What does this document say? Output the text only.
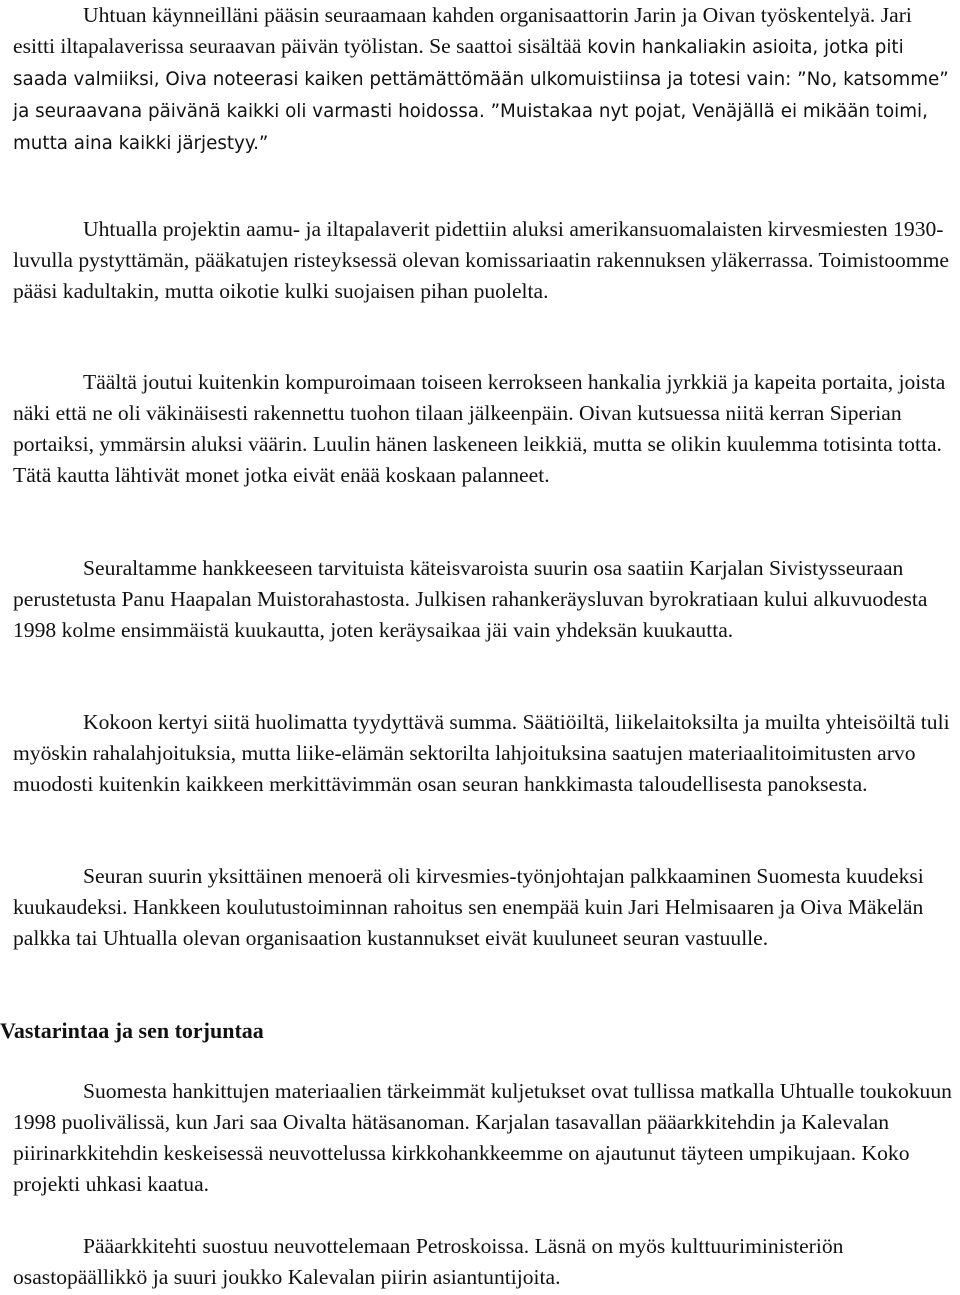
Uhtuan käynneilläni pääsin seuraamaan kahden organisaattorin Jarin ja Oivan työskentelyä. Jari esitti iltapalaverissa seuraavan päivän työlistan. Se saattoi sisältää kovin hankaliakin asioita, jotka piti saada valmiiksi, Oiva noteerasi kaiken pettämättömään ulkomuistiinsa ja totesi vain: ”No, katsomme” ja seuraavana päivänä kaikki oli varmasti hoidossa. ”Muistakaa nyt pojat, Venäjällä ei mikään toimi, mutta aina kaikki järjestyy.”

Uhtualla projektin aamu- ja iltapalaverit pidettiin aluksi amerikansuomalaisten kirvesmiesten 1930-luvulla pystyttämän, pääkatujen risteyksessä olevan komissariaatin rakennuksen yläkerrassa. Toimistoomme pääsi kadultakin, mutta oikotie kulki suojaisen pihan puolelta.

Täältä joutui kuitenkin kompuroimaan toiseen kerrokseen hankalia jyrkkiä ja kapeita portaita, joista näki että ne oli väkinäisesti rakennettu tuohon tilaan jälkeenpäin. Oivan kutsuessa niitä kerran Siperian portaiksi, ymmärsin aluksi väärin. Luulin hänen laskeneen leikkiä, mutta se olikin kuulemma totisinta totta. Tätä kautta lähtivät monet jotka eivät enää koskaan palanneet.

Seuraltamme hankkeeseen tarvituista käteisvaroista suurin osa saatiin Karjalan Sivistysseuraan perustetusta Panu Haapalan Muistorahastosta. Julkisen rahankeräysluvan byrokratiaan kului alkuvuodesta 1998 kolme ensimmäistä kuukautta, joten keräysaikaa jäi vain yhdeksän kuukautta.

Kokoon kertyi siitä huolimatta tyydyttävä summa. Säätiöiltä, liikelaitoksilta ja muilta yhteisöiltä tuli myöskin rahalahjoituksia, mutta liike-elämän sektorilta lahjoituksina saatujen materiaalitoimitusten arvo muodosti kuitenkin kaikkeen merkittävimmän osan seuran hankkimasta taloudellisesta panoksesta.

Seuran suurin yksittäinen menoerä oli kirvesmies-työnjohtajan palkkaaminen Suomesta kuudeksi kuukaudeksi. Hankkeen koulutustoiminnan rahoitus sen enempää kuin Jari Helmisaaren ja Oiva Mäkelän palkka tai Uhtualla olevan organisaation kustannukset eivät kuuluneet seuran vastuulle.

Vastarintaa ja sen torjuntaa

Suomesta hankittujen materiaalien tärkeimmät kuljetukset ovat tullissa matkalla Uhtualle toukokuun 1998 puolivälissä, kun Jari saa Oivalta hätäsanoman. Karjalan tasavallan pääarkkitehdin ja Kalevalan piirinarkkitehdin keskeisessä neuvottelussa kirkkohankkeemme on ajautunut täyteen umpikujaan. Koko projekti uhkasi kaatua.

Pääarkkitehti suostuu neuvottelemaan Petroskoissa. Läsnä on myös kulttuuriministeriön osastopäällikkö ja suuri joukko Kalevalan piirin asiantuntijoita.
